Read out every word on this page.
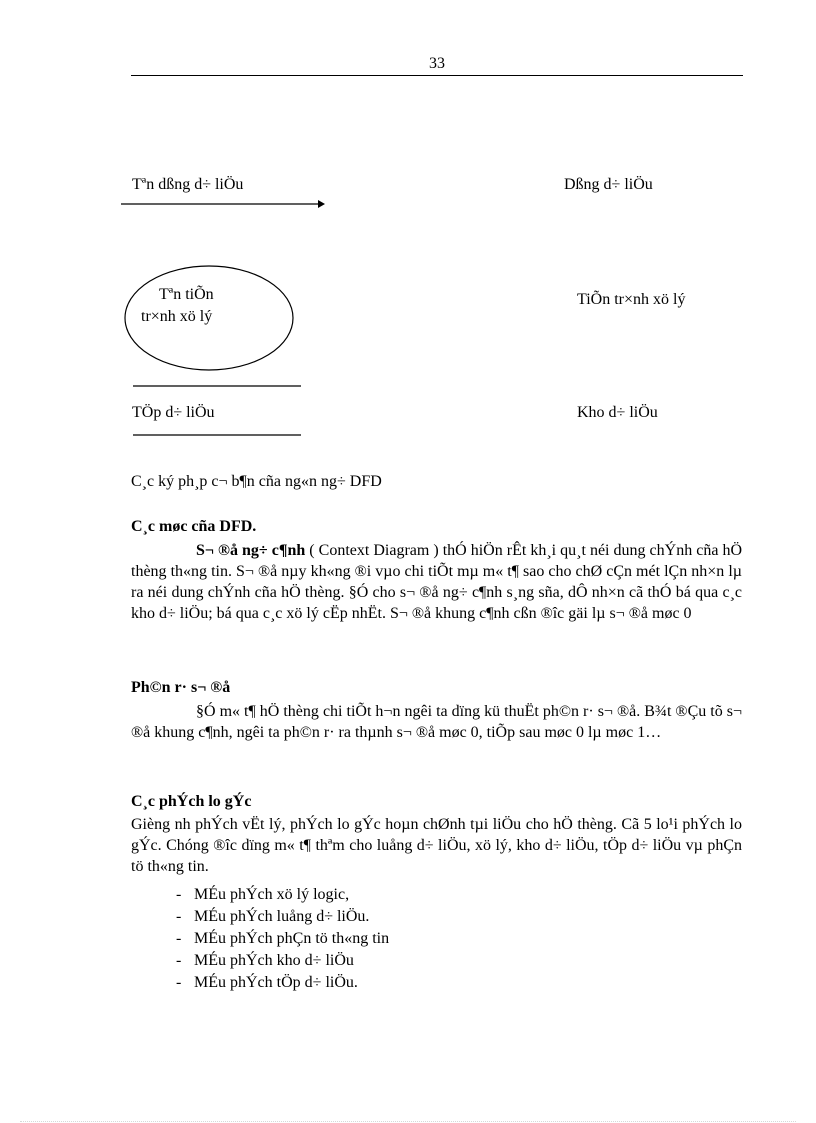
33
Tªn dßng d÷ liÖu	Dßng d÷ liÖu
Tªn tiÕn
tr×nh xö lý
TiÕn tr×nh xö lý
TÖp d÷ liÖu	Kho d÷ liÖu
C¸c ký ph¸p c¬ b¶n cña ng«n ng÷ DFD
C¸c møc cña DFD.
S¬ ®å ng÷ c¶nh ( Context Diagram ) thÓ hiÖn rÊt kh¸i qu¸t néi dung chÝnh cña hÖ thèng th«ng tin. S¬ ®å nµy kh«ng ®i vµo chi tiÕt mµ m« t¶ sao cho chØ cÇn mét lÇn nh×n lµ ra néi dung chÝnh cña hÖ thèng. §Ó cho s¬ ®å ng÷ c¶nh s¸ng sña, dÔ nh×n cã thÓ bá qua c¸c kho d÷ liÖu; bá qua c¸c xö lý cËp nhËt. S¬ ®å khung c¶nh cßn ®îc gäi lµ s¬ ®å møc 0
Ph©n r· s¬ ®å
§Ó m« t¶ hÖ thèng chi tiÕt h¬n ngêi ta dïng kü thuËt ph©n r· s¬ ®å. B¾t ®Çu tõ s¬ ®å khung c¶nh, ngêi ta ph©n r· ra thµnh s¬ ®å møc 0, tiÕp sau møc 0 lµ møc 1…
C¸c phÝch lo gÝc
Gièng nh phÝch vËt lý, phÝch lo gÝc hoµn chØnh tµi liÖu cho hÖ thèng. Cã 5 lo¹i phÝch lo gÝc. Chóng ®îc dïng m« t¶ thªm cho luång d÷ liÖu, xö lý, kho d÷ liÖu, tÖp d÷ liÖu vµ phÇn tö th«ng tin.
- MÉu phÝch xö lý logic,
- MÉu phÝch luång d÷ liÖu.
- MÉu phÝch phÇn tö th«ng tin
- MÉu phÝch kho d÷ liÖu
- MÉu phÝch tÖp d÷ liÖu.
